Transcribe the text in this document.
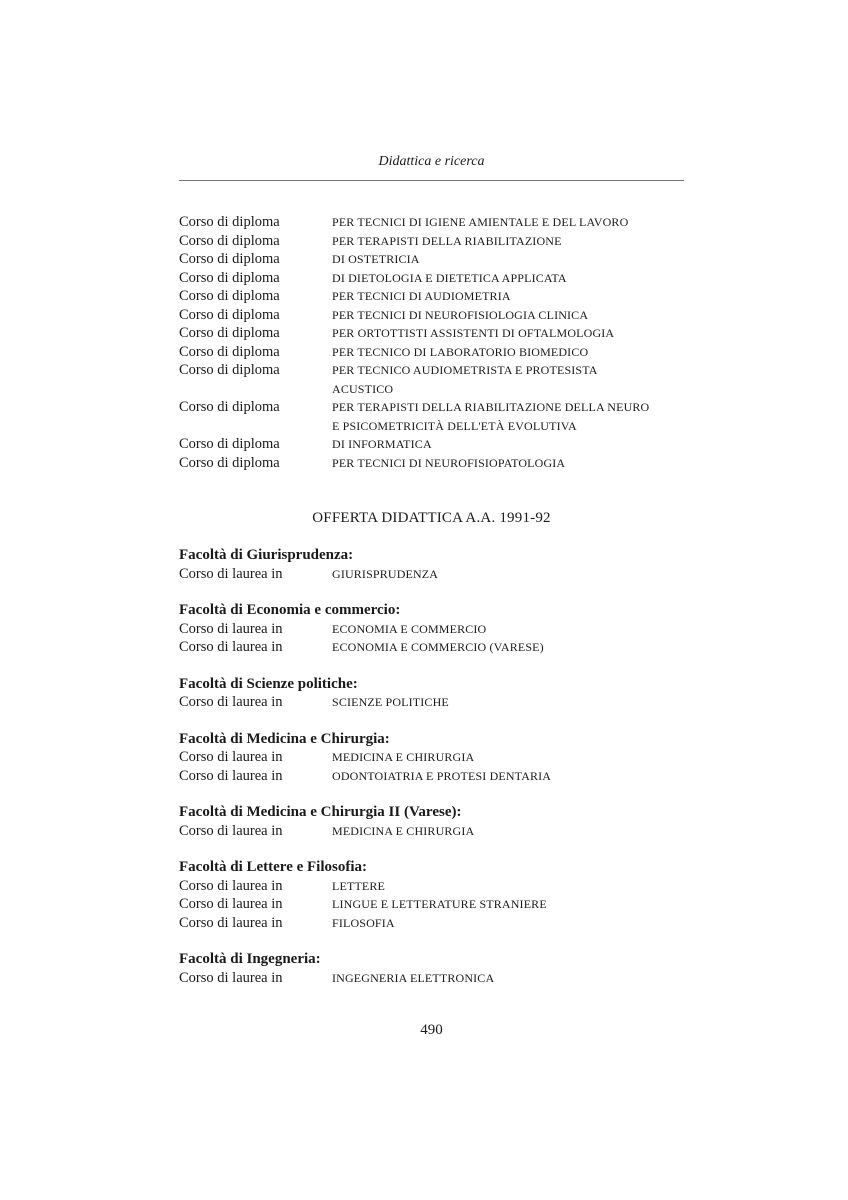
Didattica e ricerca
Corso di diploma	PER TECNICI DI IGIENE AMIENTALE E DEL LAVORO
Corso di diploma	PER TERAPISTI DELLA RIABILITAZIONE
Corso di diploma	DI OSTETRICIA
Corso di diploma	DI DIETOLOGIA E DIETETICA APPLICATA
Corso di diploma	PER TECNICI DI AUDIOMETRIA
Corso di diploma	PER TECNICI DI NEUROFISIOLOGIA CLINICA
Corso di diploma	PER ORTOTTISTI ASSISTENTI DI OFTALMOLOGIA
Corso di diploma	PER TECNICO DI LABORATORIO BIOMEDICO
Corso di diploma	PER TECNICO AUDIOMETRISTA E PROTESISTA
ACUSTICO
Corso di diploma	PER TERAPISTI DELLA RIABILITAZIONE DELLA NEURO
E PSICOMETRICITÀ DELL'ETÀ EVOLUTIVA
Corso di diploma	DI INFORMATICA
Corso di diploma	PER TECNICI DI NEUROFISIOPATOLOGIA
OFFERTA DIDATTICA A.A. 1991-92
Facoltà di Giurisprudenza:
Corso di laurea in	GIURISPRUDENZA
Facoltà di Economia e commercio:
Corso di laurea in	ECONOMIA E COMMERCIO
Corso di laurea in	ECONOMIA E COMMERCIO (VARESE)
Facoltà di Scienze politiche:
Corso di laurea in	SCIENZE POLITICHE
Facoltà di Medicina e Chirurgia:
Corso di laurea in	MEDICINA E CHIRURGIA
Corso di laurea in	ODONTOIATRIA E PROTESI DENTARIA
Facoltà di Medicina e Chirurgia II (Varese):
Corso di laurea in	MEDICINA E CHIRURGIA
Facoltà di Lettere e Filosofia:
Corso di laurea in	LETTERE
Corso di laurea in	LINGUE E LETTERATURE STRANIERE
Corso di laurea in	FILOSOFIA
Facoltà di Ingegneria:
Corso di laurea in	INGEGNERIA ELETTRONICA
490
